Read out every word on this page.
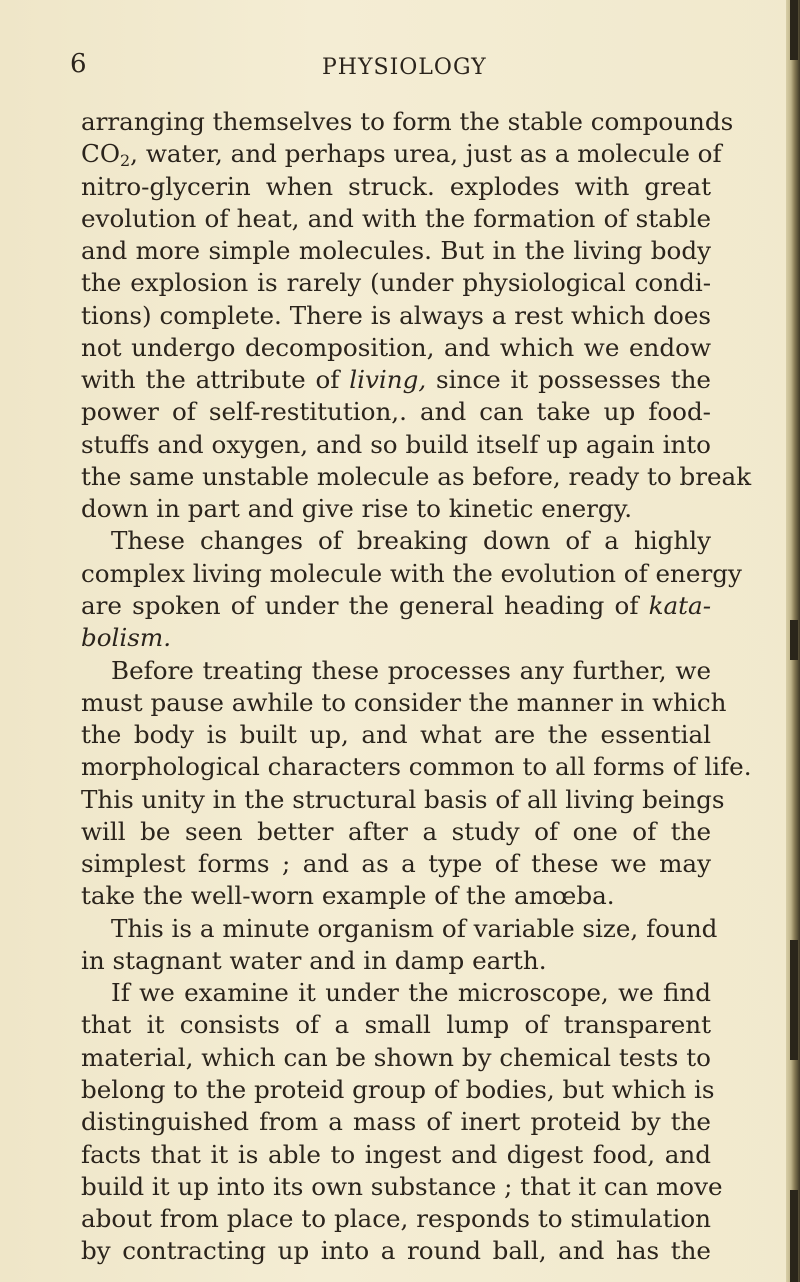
6	PHYSIOLOGY
arranging themselves to form the stable compounds
$CO_2$, water, and perhaps urea, just as a molecule of
nitro-glycerin when struck. explodes with great
evolution of heat, and with the formation of stable
and more simple molecules. But in the living body
the explosion is rarely (under physiological condi-
tions) complete. There is always a rest which does
not undergo decomposition, and which we endow
with the attribute of living, since it possesses the
power of self-restitution,. and can take up food-
stuffs and oxygen, and so build itself up again into
the same unstable molecule as before, ready to break
down in part and give rise to kinetic energy.
These changes of breaking down of a highly
complex living molecule with the evolution of energy
are spoken of under the general heading of kata-
bolism.
Before treating these processes any further, we
must pause awhile to consider the manner in which
the body is built up, and what are the essential
morphological characters common to all forms of life.
This unity in the structural basis of all living beings
will be seen better after a study of one of the
simplest forms ; and as a type of these we may
take the well-worn example of the amœba.
This is a minute organism of variable size, found
in stagnant water and in damp earth.
If we examine it under the microscope, we find
that it consists of a small lump of transparent
material, which can be shown by chemical tests to
belong to the proteid group of bodies, but which is
distinguished from a mass of inert proteid by the
facts that it is able to ingest and digest food, and
build it up into its own substance ; that it can move
about from place to place, responds to stimulation
by contracting up into a round ball, and has the
